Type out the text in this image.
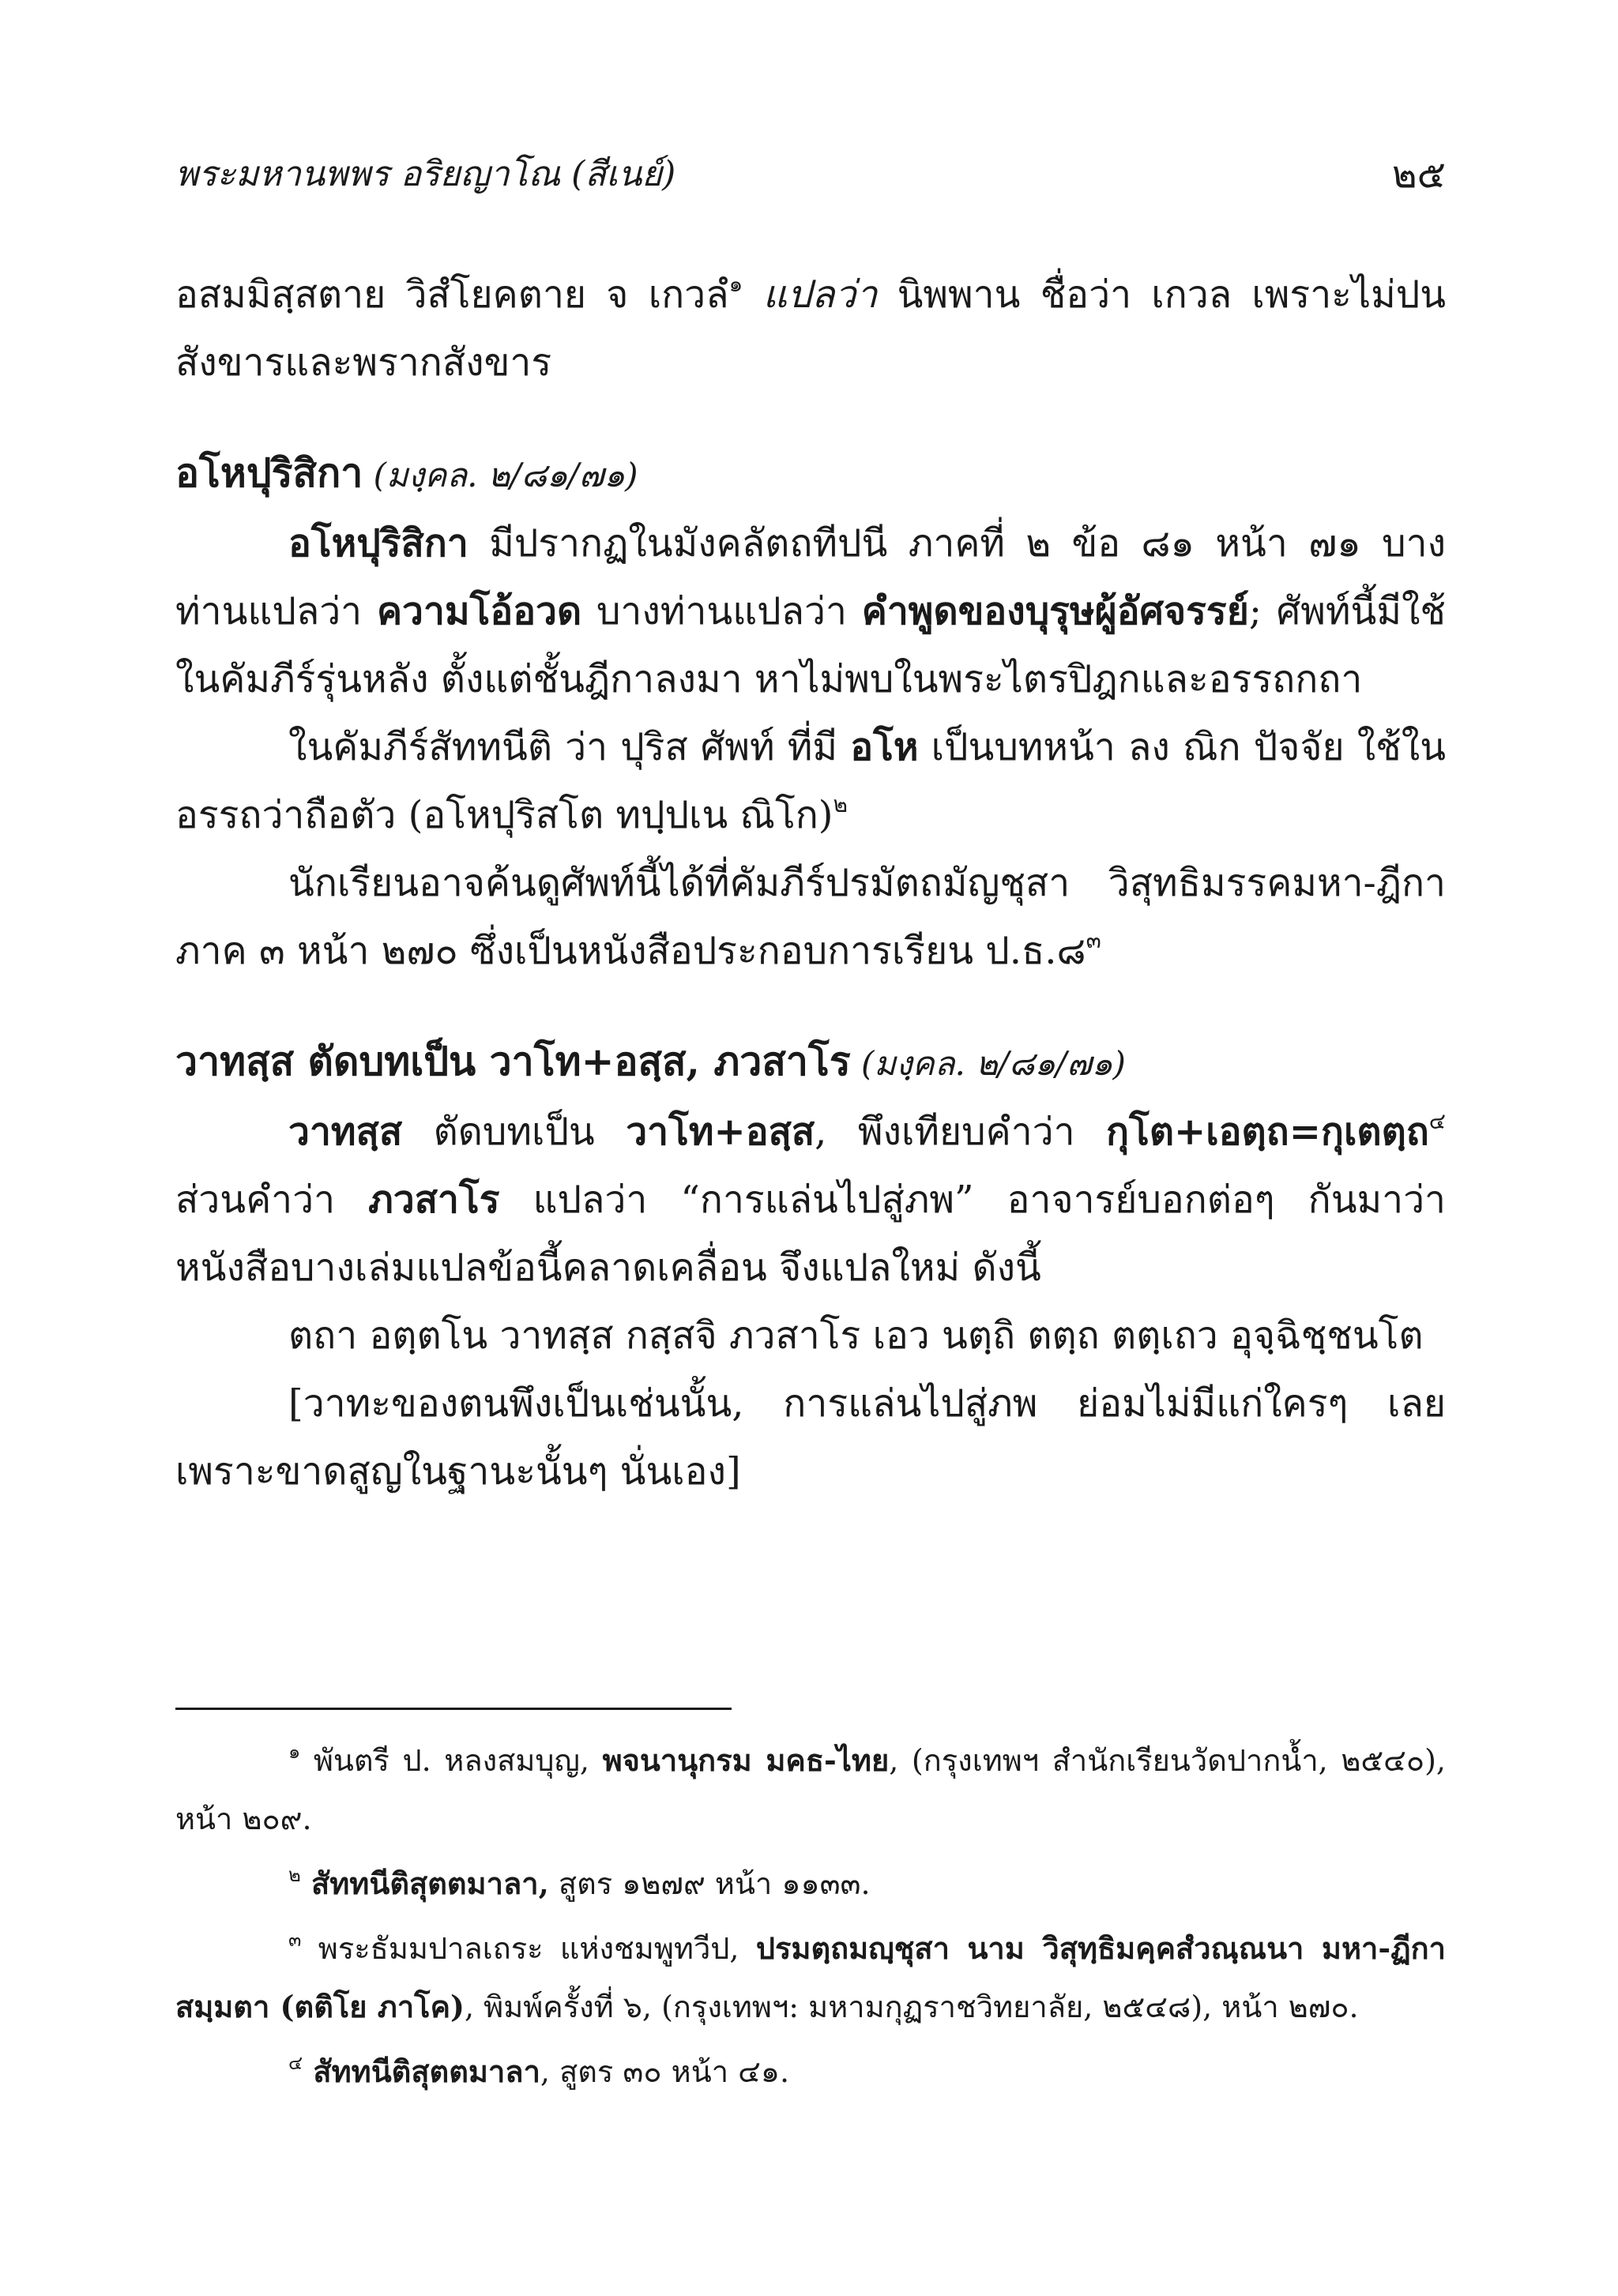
พระมหานพพร อริยญาโณ (สีเนย์)	๒๕

อสมมิสฺสตาย วิสํโยคตาย จ เกวลํ$^๑$ แปลว่า นิพพาน ชื่อว่า เกวล เพราะไม่ปนสังขารและพรากสังขาร

อโหปุริสิกา (มงฺคล. ๒/๘๑/๗๑)

อโหปุริสิกา มีปรากฏในมังคลัตถทีปนี ภาคที่ ๒ ข้อ ๘๑ หน้า ๗๑ บางท่านแปลว่า ความโอ้อวด บางท่านแปลว่า คำพูดของบุรุษผู้อัศจรรย์; ศัพท์นี้มีใช้ในคัมภีร์รุ่นหลัง ตั้งแต่ชั้นฎีกาลงมา หาไม่พบในพระไตรปิฎกและอรรถกถา

ในคัมภีร์สัททนีติ ว่า ปุริส ศัพท์ ที่มี อโห เป็นบทหน้า ลง ณิก ปัจจัย ใช้ในอรรถว่าถือตัว (อโหปุริสโต ทปฺปเน ณิโก)$^๒$

นักเรียนอาจค้นดูศัพท์นี้ได้ที่คัมภีร์ปรมัตถมัญชุสา วิสุทธิมรรคมหา-ฎีกา ภาค ๓ หน้า ๒๗๐ ซึ่งเป็นหนังสือประกอบการเรียน ป.ธ.๘$^๓$

วาทสฺส ตัดบทเป็น วาโท+อสฺส, ภวสาโร (มงฺคล. ๒/๘๑/๗๑)

วาทสฺส ตัดบทเป็น วาโท+อสฺส, พึงเทียบคำว่า กุโต+เอตฺถ=กุเตตฺถ$^๔$ ส่วนคำว่า ภวสาโร แปลว่า “การแล่นไปสู่ภพ” อาจารย์บอกต่อๆ กันมาว่าหนังสือบางเล่มแปลข้อนี้คลาดเคลื่อน จึงแปลใหม่ ดังนี้

ตถา อตฺตโน วาทสฺส กสฺสจิ ภวสาโร เอว นตฺถิ ตตฺถ ตตฺเถว อุจฺฉิชฺชนโต

[วาทะของตนพึงเป็นเช่นนั้น, การแล่นไปสู่ภพ ย่อมไม่มีแก่ใครๆ เลย เพราะขาดสูญในฐานะนั้นๆ นั่นเอง]

$^๑$ พันตรี ป. หลงสมบุญ, พจนานุกรม มคธ-ไทย, (กรุงเทพฯ สำนักเรียนวัดปากน้ำ, ๒๕๔๐), หน้า ๒๐๙.

$^๒$ สัททนีติสุตตมาลา, สูตร ๑๒๗๙ หน้า ๑๑๓๓.

$^๓$ พระธัมมปาลเถระ แห่งชมพูทวีป, ปรมตฺถมญฺชุสา นาม วิสุทฺธิมคฺคสํวณฺณนา มหา-ฏีกาสมฺมตา (ตติโย ภาโค), พิมพ์ครั้งที่ ๖, (กรุงเทพฯ: มหามกุฏราชวิทยาลัย, ๒๕๔๘), หน้า ๒๗๐.

$^๔$ สัททนีติสุตตมาลา, สูตร ๓๐ หน้า ๔๑.
